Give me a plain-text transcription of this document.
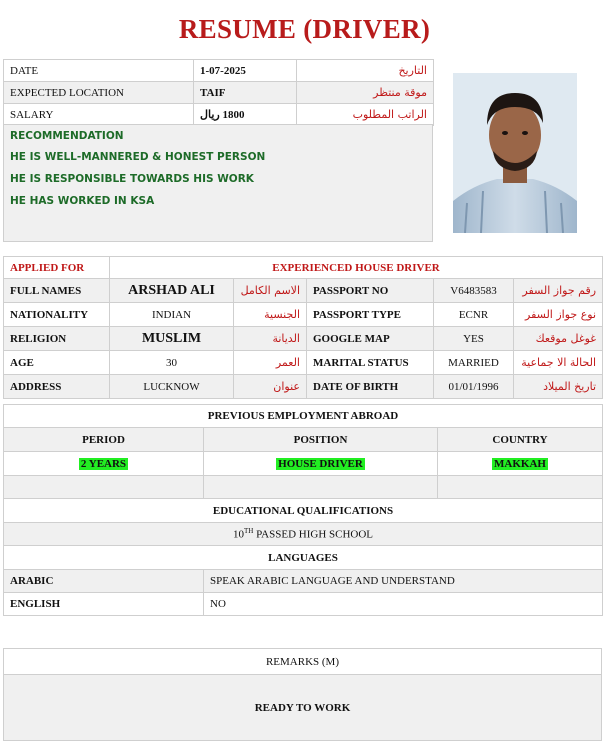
RESUME (DRIVER)
DATE	1-07-2025	التاريخ
EXPECTED LOCATION	TAIF	موقة منتظر
SALARY	1800 ريال	الراتب المطلوب
RECOMMENDATION
HE IS WELL-MANNERED & HONEST PERSON
HE IS RESPONSIBLE TOWARDS HIS WORK
HE HAS WORKED IN KSA
APPLIED FOR	EXPERIENCED HOUSE DRIVER				
FULL NAMES	ARSHAD ALI	الاسم الكامل	PASSPORT NO	V6483583	رقم جواز السفر
NATIONALITY	INDIAN	الجنسية	PASSPORT TYPE	ECNR	نوع جواز السفر
RELIGION	MUSLIM	الديانة	GOOGLE MAP	YES	غوغل موقعك
AGE	30	العمر	MARITAL STATUS	MARRIED	الحالة الا جماعية
ADDRESS	LUCKNOW	عنوان	DATE OF BIRTH	01/01/1996	تاريخ الميلاد
PREVIOUS EMPLOYMENT ABROAD		
PERIOD	POSITION	COUNTRY
2 YEARS	HOUSE DRIVER	MAKKAH

EDUCATIONAL QUALIFICATIONS		
10TH PASSED HIGH SCHOOL		
LANGUAGES		
ARABIC	SPEAK ARABIC LANGUAGE AND UNDERSTAND	
ENGLISH	NO	
REMARKS (M)
READY TO WORK
